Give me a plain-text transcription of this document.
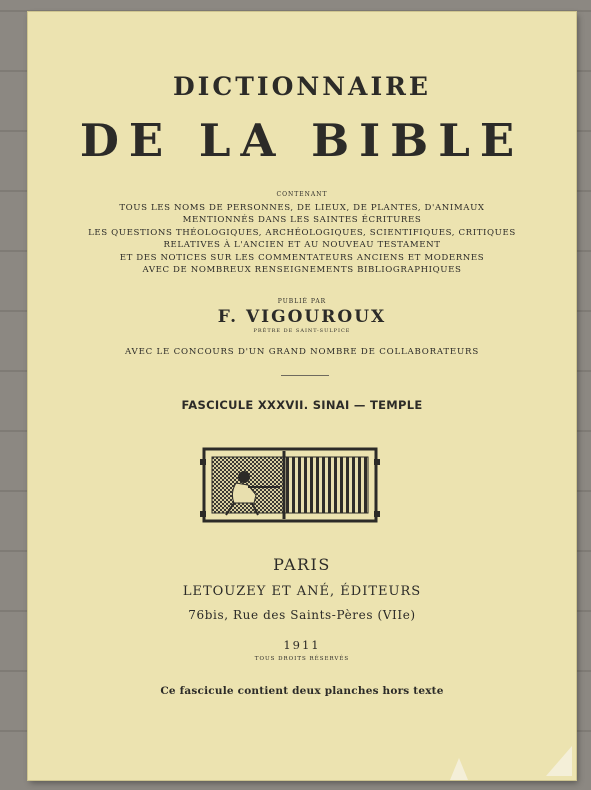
DICTIONNAIRE
DE LA BIBLE
CONTENANT
TOUS LES NOMS DE PERSONNES, DE LIEUX, DE PLANTES, D'ANIMAUX
MENTIONNÉS DANS LES SAINTES ÉCRITURES
LES QUESTIONS THÉOLOGIQUES, ARCHÉOLOGIQUES, SCIENTIFIQUES, CRITIQUES
RELATIVES À L'ANCIEN ET AU NOUVEAU TESTAMENT
ET DES NOTICES SUR LES COMMENTATEURS ANCIENS ET MODERNES
AVEC DE NOMBREUX RENSEIGNEMENTS BIBLIOGRAPHIQUES
PUBLIÉ PAR
F. VIGOUROUX
PRÊTRE DE SAINT-SULPICE
AVEC LE CONCOURS D'UN GRAND NOMBRE DE COLLABORATEURS
FASCICULE XXXVII. SINAI — TEMPLE
PARIS
LETOUZEY ET ANÉ, ÉDITEURS
76bis, Rue des Saints-Pères (VIIe)
1911
TOUS DROITS RÉSERVÉS
Ce fascicule contient deux planches hors texte
